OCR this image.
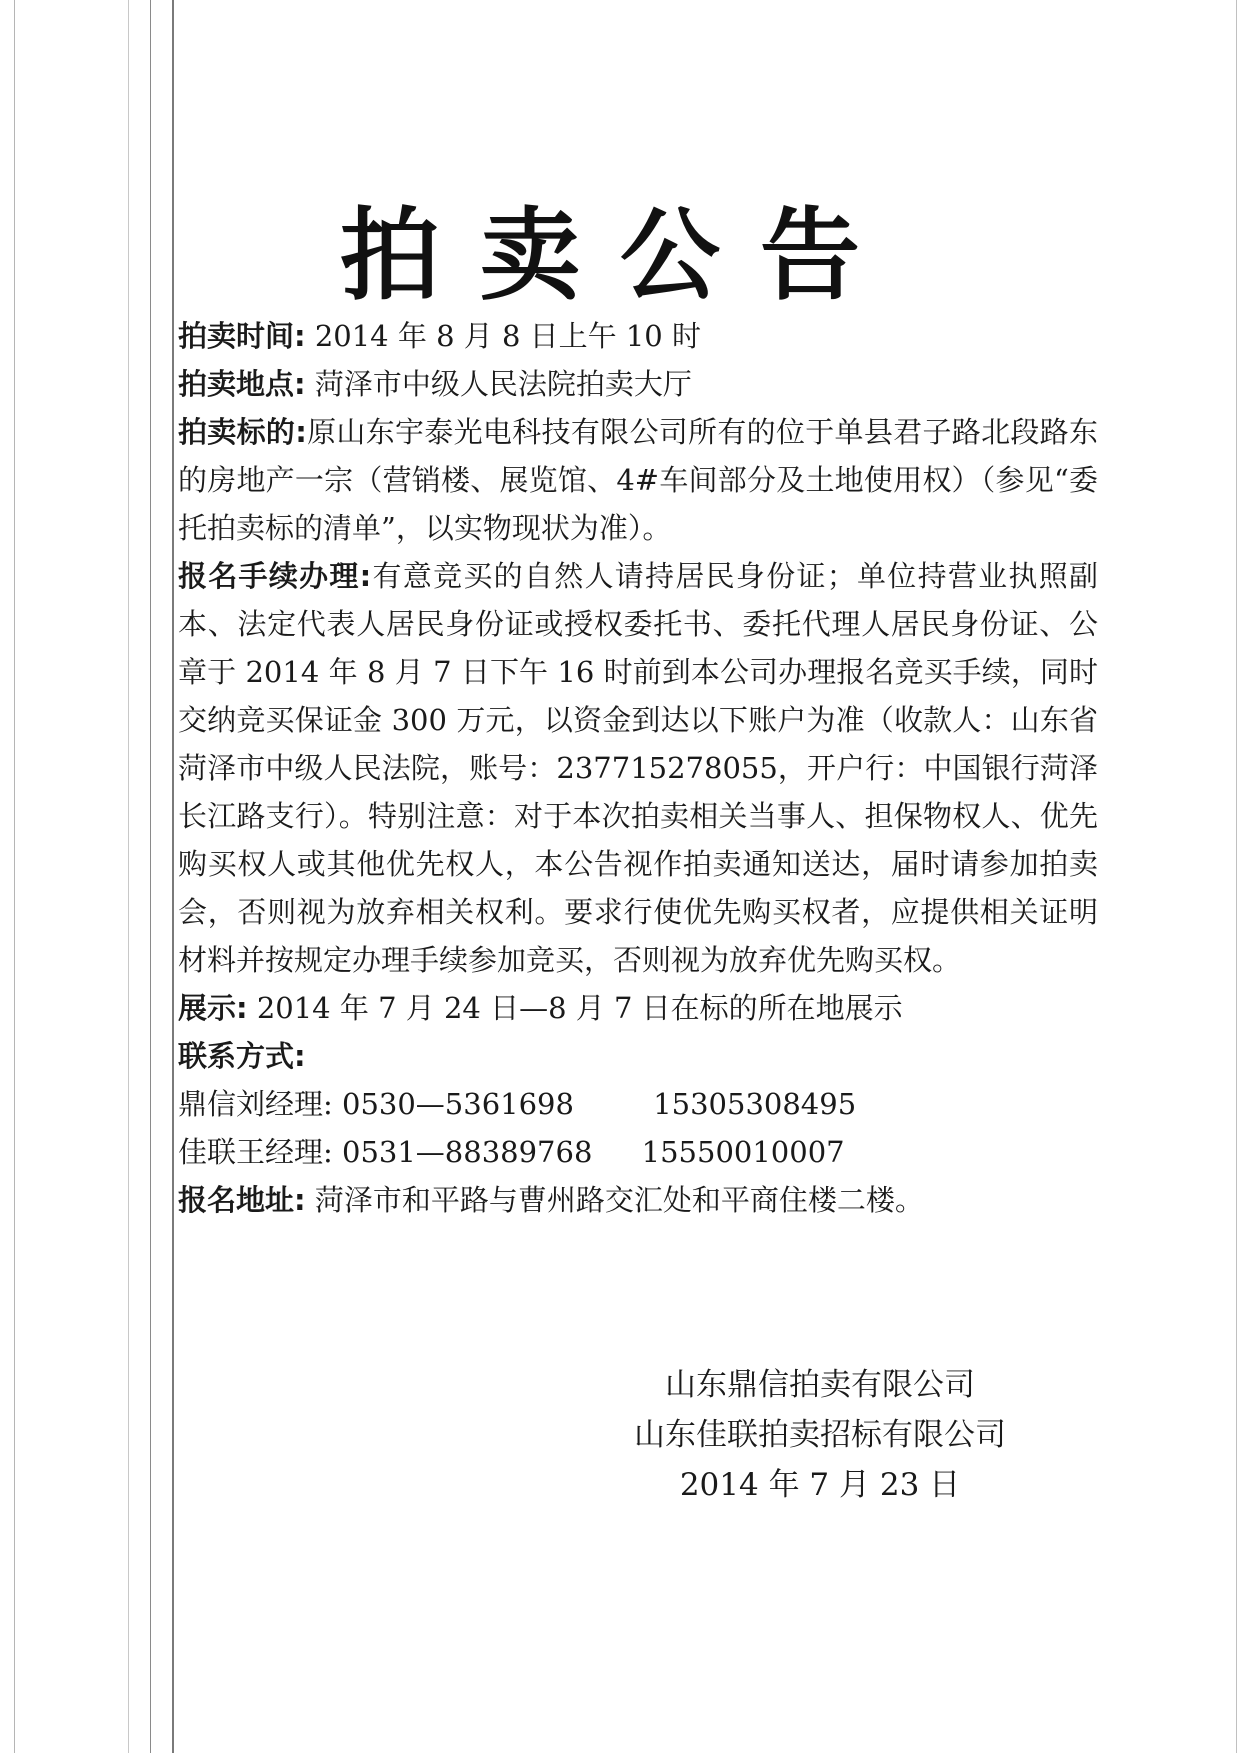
拍卖公告
拍卖时间: 2014 年 8 月 8 日上午 10 时
拍卖地点: 菏泽市中级人民法院拍卖大厅
拍卖标的:原山东宇泰光电科技有限公司所有的位于单县君子路北段路东的房地产一宗（营销楼、展览馆、4#车间部分及土地使用权）（参见“委托拍卖标的清单”，以实物现状为准）。
报名手续办理:有意竞买的自然人请持居民身份证；单位持营业执照副本、法定代表人居民身份证或授权委托书、委托代理人居民身份证、公章于 2014 年 8 月 7 日下午 16 时前到本公司办理报名竞买手续，同时交纳竞买保证金 300 万元，以资金到达以下账户为准（收款人：山东省菏泽市中级人民法院，账号：237715278055，开户行：中国银行菏泽长江路支行）。特别注意：对于本次拍卖相关当事人、担保物权人、优先购买权人或其他优先权人，本公告视作拍卖通知送达，届时请参加拍卖会，否则视为放弃相关权利。要求行使优先购买权者，应提供相关证明材料并按规定办理手续参加竞买，否则视为放弃优先购买权。
展示: 2014 年 7 月 24 日—8 月 7 日在标的所在地展示
联系方式:
鼎信刘经理: 0530—5361698	15305308495
佳联王经理: 0531—88389768 15550010007
报名地址: 菏泽市和平路与曹州路交汇处和平商住楼二楼。
山东鼎信拍卖有限公司
山东佳联拍卖招标有限公司
2014 年 7 月 23 日
